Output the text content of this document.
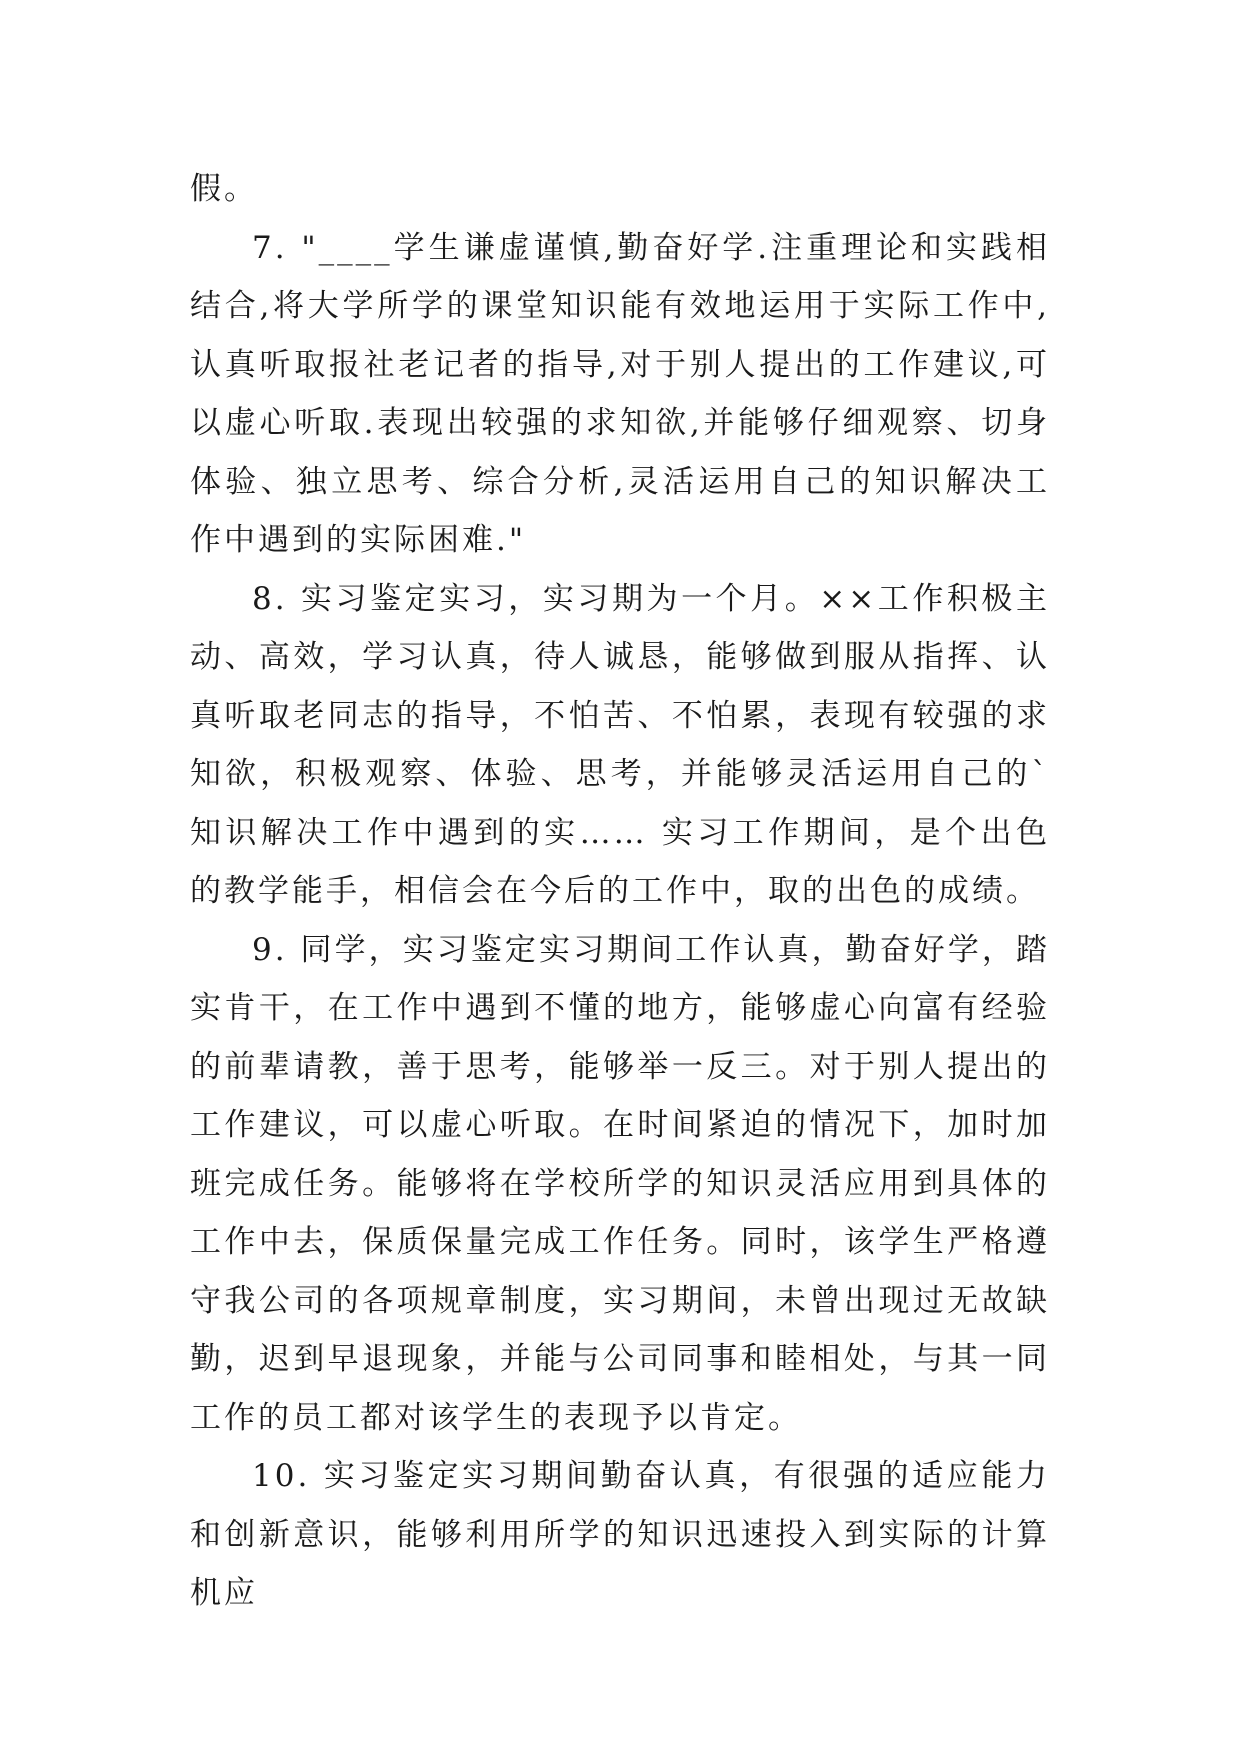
假。

7. "____学生谦虚谨慎,勤奋好学.注重理论和实践相结合,将大学所学的课堂知识能有效地运用于实际工作中,认真听取报社老记者的指导,对于别人提出的工作建议,可以虚心听取.表现出较强的求知欲,并能够仔细观察、切身体验、独立思考、综合分析,灵活运用自己的知识解决工作中遇到的实际困难."

8. 实习鉴定实习，实习期为一个月。××工作积极主动、高效，学习认真，待人诚恳，能够做到服从指挥、认真听取老同志的指导，不怕苦、不怕累，表现有较强的求知欲，积极观察、体验、思考，并能够灵活运用自己的`知识解决工作中遇到的实…… 实习工作期间，是个出色的教学能手，相信会在今后的工作中，取的出色的成绩。

9. 同学，实习鉴定实习期间工作认真，勤奋好学，踏实肯干，在工作中遇到不懂的地方，能够虚心向富有经验的前辈请教，善于思考，能够举一反三。对于别人提出的工作建议，可以虚心听取。在时间紧迫的情况下，加时加班完成任务。能够将在学校所学的知识灵活应用到具体的工作中去，保质保量完成工作任务。同时，该学生严格遵守我公司的各项规章制度，实习期间，未曾出现过无故缺勤，迟到早退现象，并能与公司同事和睦相处，与其一同工作的员工都对该学生的表现予以肯定。

10. 实习鉴定实习期间勤奋认真，有很强的适应能力和创新意识，能够利用所学的知识迅速投入到实际的计算机应
